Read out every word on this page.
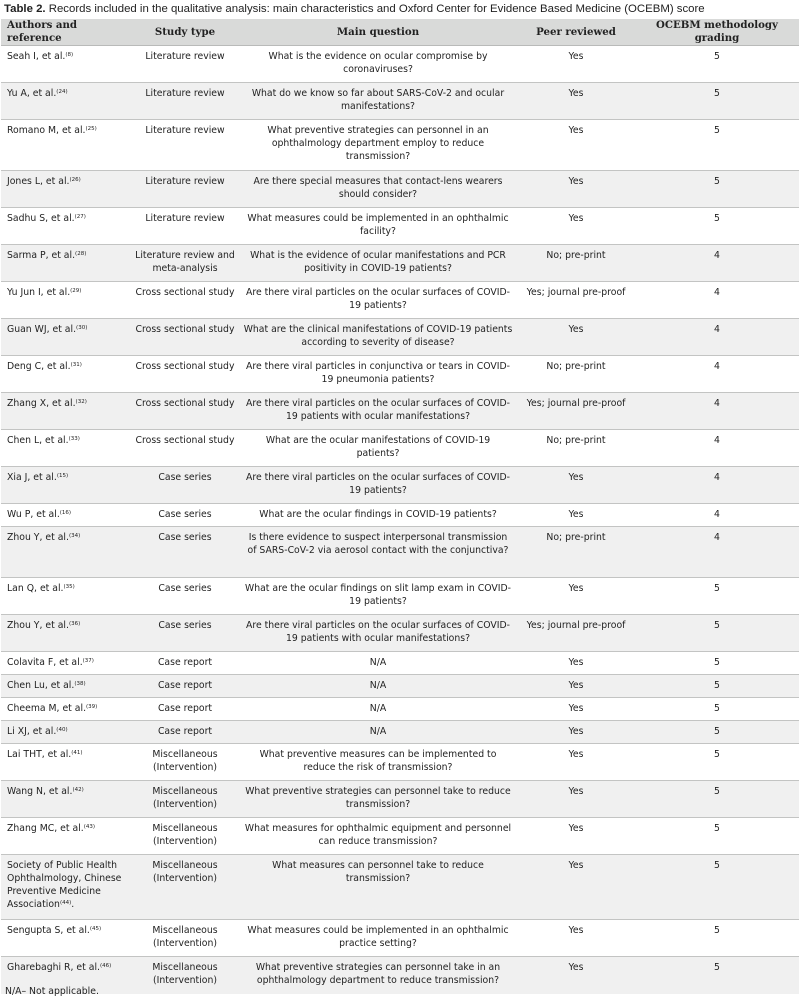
Table 2. Records included in the qualitative analysis: main characteristics and Oxford Center for Evidence Based Medicine (OCEBM) score
Authors and reference	Study type	Main question	Peer reviewed	OCEBM methodology grading
Seah I, et al.$^{(8)}$	Literature review	What is the evidence on ocular compromise by coronaviruses?	Yes	5
Yu A, et al.$^{(24)}$	Literature review	What do we know so far about SARS-CoV-2 and ocular manifestations?	Yes	5
Romano M, et al.$^{(25)}$	Literature review	What preventive strategies can personnel in an ophthalmology department employ to reduce transmission?	Yes	5
Jones L, et al.$^{(26)}$	Literature review	Are there special measures that contact-lens wearers should consider?	Yes	5
Sadhu S, et al.$^{(27)}$	Literature review	What measures could be implemented in an ophthalmic facility?	Yes	5
Sarma P, et al.$^{(28)}$	Literature review and meta-analysis	What is the evidence of ocular manifestations and PCR positivity in COVID-19 patients?	No; pre-print	4
Yu Jun I, et al.$^{(29)}$	Cross sectional study	Are there viral particles on the ocular surfaces of COVID-19 patients?	Yes; journal pre-proof	4
Guan WJ, et al.$^{(30)}$	Cross sectional study	What are the clinical manifestations of COVID-19 patients according to severity of disease?	Yes	4
Deng C, et al.$^{(31)}$	Cross sectional study	Are there viral particles in conjunctiva or tears in COVID-19 pneumonia patients?	No; pre-print	4
Zhang X, et al.$^{(32)}$	Cross sectional study	Are there viral particles on the ocular surfaces of COVID-19 patients with ocular manifestations?	Yes; journal pre-proof	4
Chen L, et al.$^{(33)}$	Cross sectional study	What are the ocular manifestations of COVID-19 patients?	No; pre-print	4
Xia J, et al.$^{(15)}$	Case series	Are there viral particles on the ocular surfaces of COVID-19 patients?	Yes	4
Wu P, et al.$^{(16)}$	Case series	What are the ocular findings in COVID-19 patients?	Yes	4
Zhou Y, et al.$^{(34)}$	Case series	Is there evidence to suspect interpersonal transmission of SARS-CoV-2 via aerosol contact with the conjunctiva?	No; pre-print	4
Lan Q, et al.$^{(35)}$	Case series	What are the ocular findings on slit lamp exam in COVID-19 patients?	Yes	5
Zhou Y, et al.$^{(36)}$	Case series	Are there viral particles on the ocular surfaces of COVID-19 patients with ocular manifestations?	Yes; journal pre-proof	5
Colavita F, et al.$^{(37)}$	Case report	N/A	Yes	5
Chen Lu, et al.$^{(38)}$	Case report	N/A	Yes	5
Cheema M, et al.$^{(39)}$	Case report	N/A	Yes	5
Li XJ, et al.$^{(40)}$	Case report	N/A	Yes	5
Lai THT, et al.$^{(41)}$	Miscellaneous (Intervention)	What preventive measures can be implemented to reduce the risk of transmission?	Yes	5
Wang N, et al.$^{(42)}$	Miscellaneous (Intervention)	What preventive strategies can personnel take to reduce transmission?	Yes	5
Zhang MC, et al.$^{(43)}$	Miscellaneous (Intervention)	What measures for ophthalmic equipment and personnel can reduce transmission?	Yes	5
Society of Public Health Ophthalmology, Chinese Preventive Medicine Association$^{(44)}$.	Miscellaneous (Intervention)	What measures can personnel take to reduce transmission?	Yes	5
Sengupta S, et al.$^{(45)}$	Miscellaneous (Intervention)	What measures could be implemented in an ophthalmic practice setting?	Yes	5
Gharebaghi R, et al.$^{(46)}$	Miscellaneous (Intervention)	What preventive strategies can personnel take in an ophthalmology department to reduce transmission?	Yes	5
N/A– Not applicable.
